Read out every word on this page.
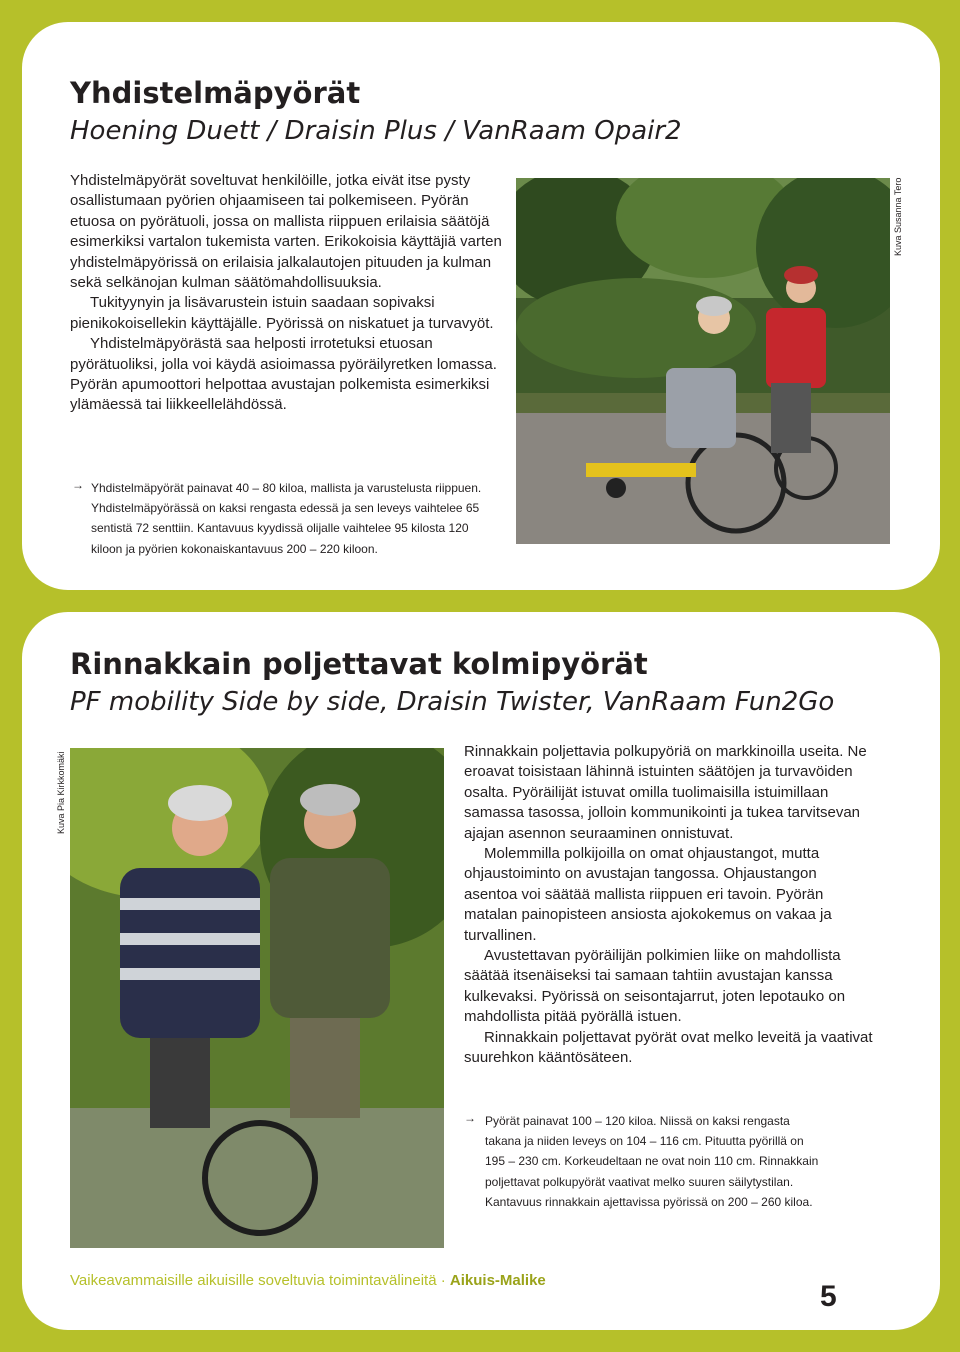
Yhdistelmäpyörät
Hoening Duett / Draisin Plus / VanRaam Opair2

Yhdistelmäpyörät soveltuvat henkilöille, jotka eivät itse pysty osallistumaan pyörien ohjaamiseen tai polkemiseen. Pyörän etuosa on pyörätuoli, jossa on mallista riippuen erilaisia säätöjä esimerkiksi vartalon tukemista varten. Erikokoisia käyttäjiä varten yhdistelmäpyörissä on erilaisia jalkalautojen pituuden ja kulman sekä selkänojan kulman säätömahdollisuuksia.

Tukityynyin ja lisävarustein istuin saadaan sopivaksi pienikokoisellekin käyttäjälle. Pyörissä on niskatuet ja turvavyöt.

Yhdistelmäpyörästä saa helposti irrotetuksi etuosan pyörätuoliksi, jolla voi käydä asioimassa pyöräilyretken lomassa. Pyörän apumoottori helpottaa avustajan polkemista esimerkiksi ylämäessä tai liikkeellelähdössä.

→ Yhdistelmäpyörät painavat 40 – 80 kiloa, mallista ja varustelusta riippuen. Yhdistelmäpyörässä on kaksi rengasta edessä ja sen leveys vaihtelee 65 sentistä 72 senttiin. Kantavuus kyydissä olijalle vaihtelee 95 kilosta 120 kiloon ja pyörien kokonaiskantavuus 200 – 220 kiloon.
Kuva Susanna Tero
Rinnakkain poljettavat kolmipyörät
PF mobility Side by side, Draisin Twister, VanRaam Fun2Go
Kuva Pia Kirkkomäki	Rinnakkain poljettavia polkupyöriä on markkinoilla useita. Ne eroavat toisistaan lähinnä istuinten säätöjen ja turvavöiden osalta. Pyöräilijät istuvat omilla tuolimaisilla istuimillaan samassa tasossa, jolloin kommunikointi ja tukea tarvitsevan ajajan asennon seuraaminen onnistuvat.

Molemmilla polkijoilla on omat ohjaustangot, mutta ohjaustoiminto on avustajan tangossa. Ohjaustangon asentoa voi säätää mallista riippuen eri tavoin. Pyörän matalan painopisteen ansiosta ajokokemus on vakaa ja turvallinen.

Avustettavan pyöräilijän polkimien liike on mahdollista säätää itsenäiseksi tai samaan tahtiin avustajan kanssa kulkevaksi. Pyörissä on seisontajarrut, joten lepotauko on mahdollista pitää pyörällä istuen.

Rinnakkain poljettavat pyörät ovat melko leveitä ja vaativat suurehkon kääntösäteen.

→ Pyörät painavat 100 – 120 kiloa. Niissä on kaksi rengasta takana ja niiden leveys on 104 – 116 cm. Pituutta pyörillä on 195 – 230 cm. Korkeudeltaan ne ovat noin 110 cm. Rinnakkain poljettavat polkupyörät vaativat melko suuren säilytystilan. Kantavuus rinnakkain ajettavissa pyörissä on 200 – 260 kiloa.
Vaikeavammaisille aikuisille soveltuvia toimintavälineitä · Aikuis-Malike	5
